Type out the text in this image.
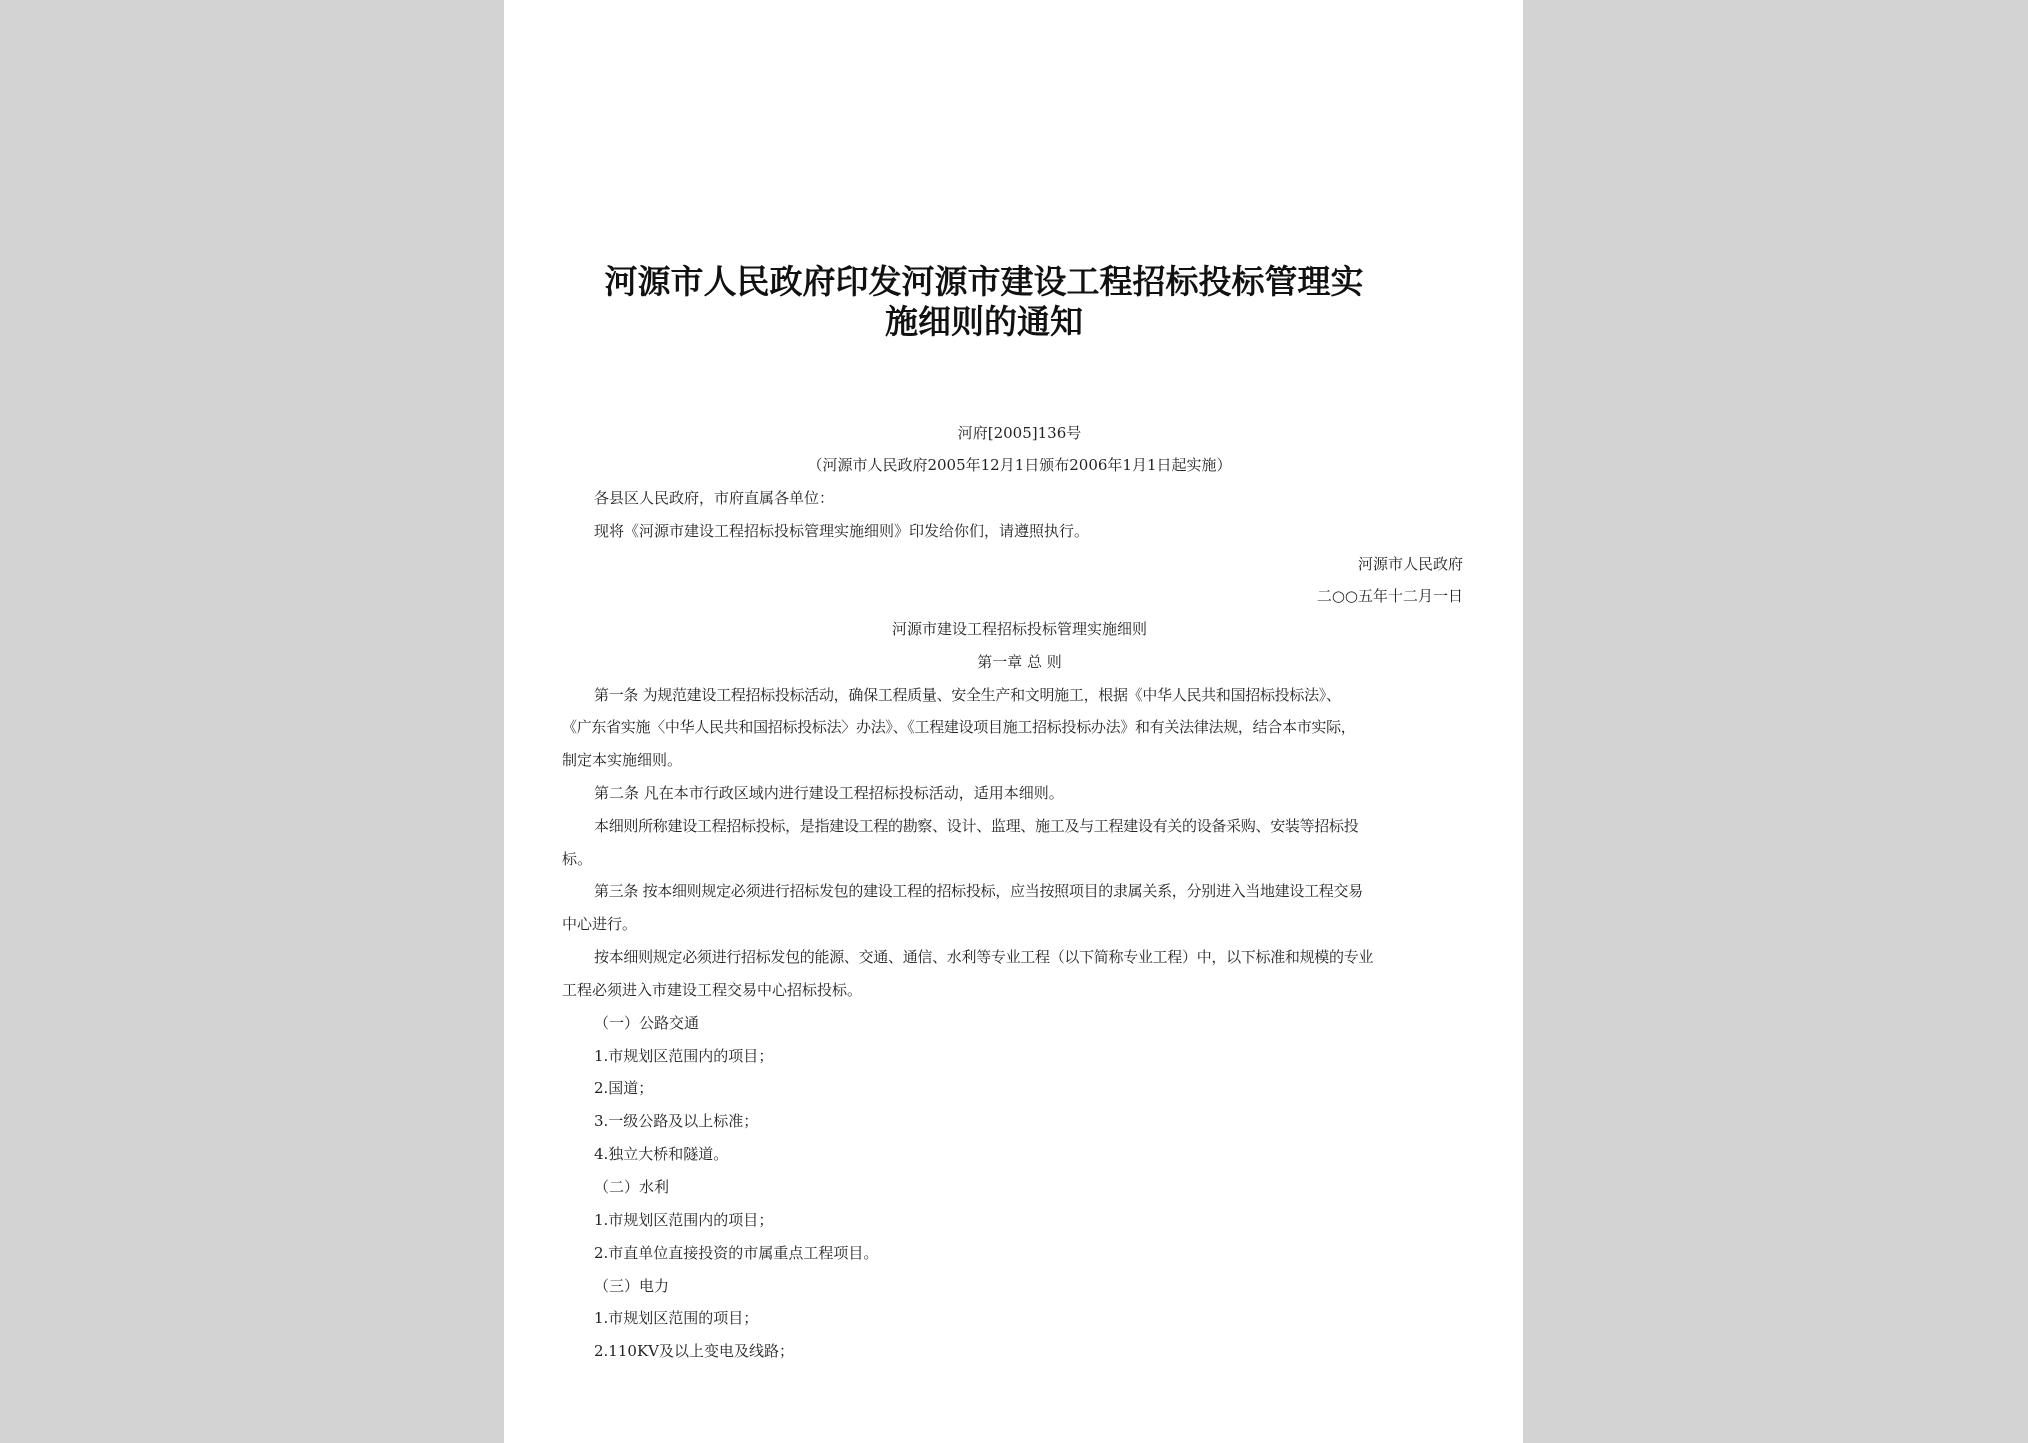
河源市人民政府印发河源市建设工程招标投标管理实施细则的通知

河府[2005]136号

（河源市人民政府2005年12月1日颁布2006年1月1日起实施）

各县区人民政府，市府直属各单位：

现将《河源市建设工程招标投标管理实施细则》印发给你们，请遵照执行。

河源市人民政府

二○○五年十二月一日

河源市建设工程招标投标管理实施细则

第一章 总 则

第一条 为规范建设工程招标投标活动，确保工程质量、安全生产和文明施工，根据《中华人民共和国招标投标法》、

《广东省实施〈中华人民共和国招标投标法〉办法》、《工程建设项目施工招标投标办法》和有关法律法规，结合本市实际，

制定本实施细则。

第二条 凡在本市行政区域内进行建设工程招标投标活动，适用本细则。

本细则所称建设工程招标投标，是指建设工程的勘察、设计、监理、施工及与工程建设有关的设备采购、安装等招标投

标。

第三条 按本细则规定必须进行招标发包的建设工程的招标投标，应当按照项目的隶属关系，分别进入当地建设工程交易

中心进行。

按本细则规定必须进行招标发包的能源、交通、通信、水利等专业工程（以下简称专业工程）中，以下标准和规模的专业

工程必须进入市建设工程交易中心招标投标。

（一）公路交通

1.市规划区范围内的项目；

2.国道；

3.一级公路及以上标准；

4.独立大桥和隧道。

（二）水利

1.市规划区范围内的项目；

2.市直单位直接投资的市属重点工程项目。

（三）电力

1.市规划区范围的项目；

2.110KV及以上变电及线路；
